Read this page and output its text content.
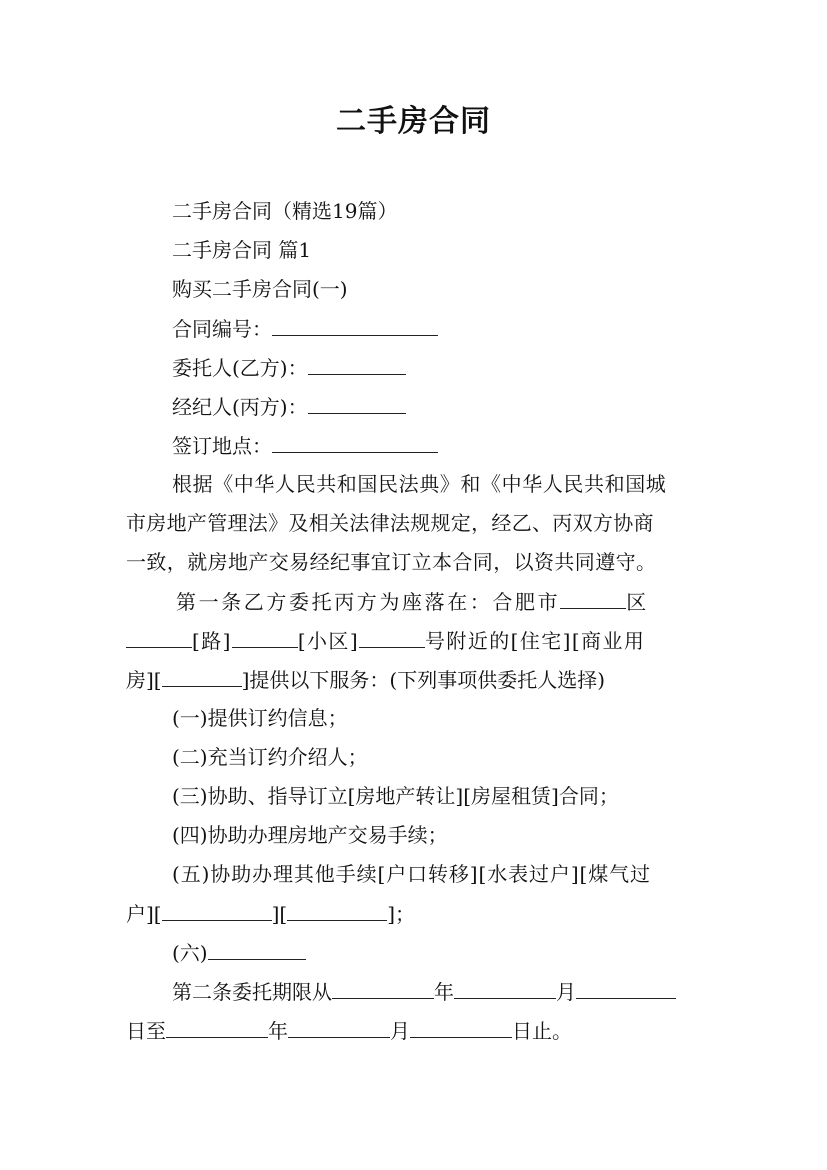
二手房合同
二手房合同（精选19篇）
二手房合同 篇1
购买二手房合同(一)
合同编号：
委托人(乙方)：
经纪人(丙方)：
签订地点：
根据《中华人民共和国民法典》和《中华人民共和国城
市房地产管理法》及相关法律法规规定，经乙、丙双方协商
一致，就房地产交易经纪事宜订立本合同，以资共同遵守。
第一条乙方委托丙方为座落在：合肥市	区
[路]	[小区]	号附近的[住宅][商业用
房][	]提供以下服务：(下列事项供委托人选择)
(一)提供订约信息；
(二)充当订约介绍人；
(三)协助、指导订立[房地产转让][房屋租赁]合同；
(四)协助办理房地产交易手续；
(五)协助办理其他手续[户口转移][水表过户][煤气过
户][	][	]；
(六)
第二条委托期限从	年	月
日至	年	月	日止。
